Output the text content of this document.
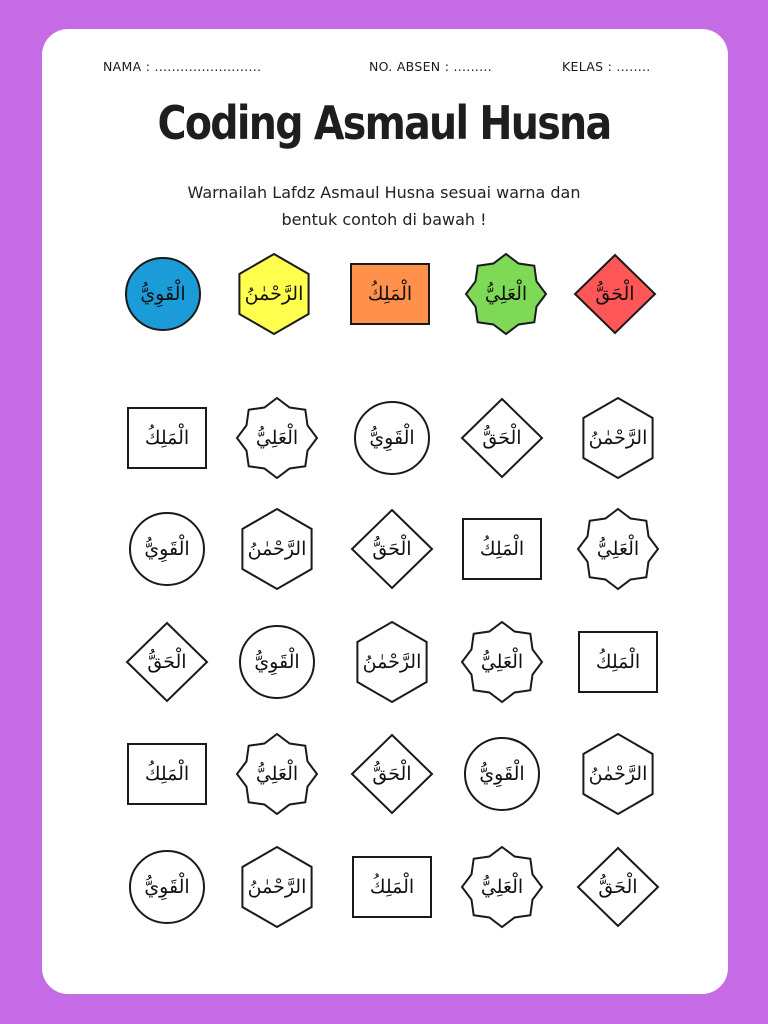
NAMA : .........................	NO. ABSEN : .........	KELAS : ........
Coding Asmaul Husna
Warnailah Lafdz Asmaul Husna sesuai warna dan
bentuk contoh di bawah !
الْقَوِيُّ	الرَّحْمٰنُ	الْمَلِكُ	الْعَلِيُّ	الْحَقُّ
الْمَلِكُ	الْعَلِيُّ	الْقَوِيُّ	الْحَقُّ	الرَّحْمٰنُ
الْقَوِيُّ	الرَّحْمٰنُ	الْحَقُّ	الْمَلِكُ	الْعَلِيُّ
الْحَقُّ	الْقَوِيُّ	الرَّحْمٰنُ	الْعَلِيُّ	الْمَلِكُ
الْمَلِكُ	الْعَلِيُّ	الْحَقُّ	الْقَوِيُّ	الرَّحْمٰنُ
الْقَوِيُّ	الرَّحْمٰنُ	الْمَلِكُ	الْعَلِيُّ	الْحَقُّ
